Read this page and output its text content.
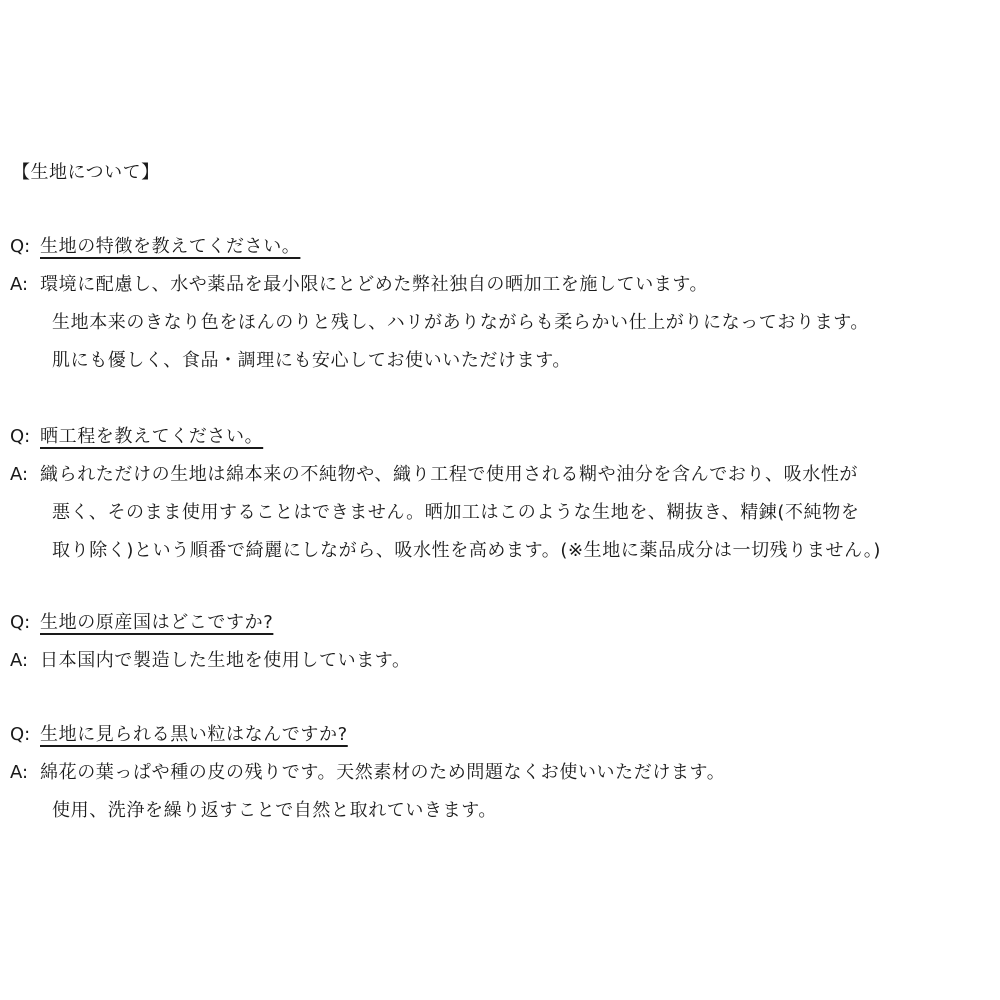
【生地について】
Q: 生地の特徴を教えてください。
A: 環境に配慮し、水や薬品を最小限にとどめた弊社独自の晒加工を施しています。
生地本来のきなり色をほんのりと残し、ハリがありながらも柔らかい仕上がりになっております。
肌にも優しく、食品・調理にも安心してお使いいただけます。
Q: 晒工程を教えてください。
A: 織られただけの生地は綿本来の不純物や、織り工程で使用される糊や油分を含んでおり、吸水性が
悪く、そのまま使用することはできません。晒加工はこのような生地を、糊抜き、精錬(不純物を
取り除く)という順番で綺麗にしながら、吸水性を高めます。(※生地に薬品成分は一切残りません。)
Q: 生地の原産国はどこですか?
A: 日本国内で製造した生地を使用しています。
Q: 生地に見られる黒い粒はなんですか?
A: 綿花の葉っぱや種の皮の残りです。天然素材のため問題なくお使いいただけます。
使用、洗浄を繰り返すことで自然と取れていきます。
